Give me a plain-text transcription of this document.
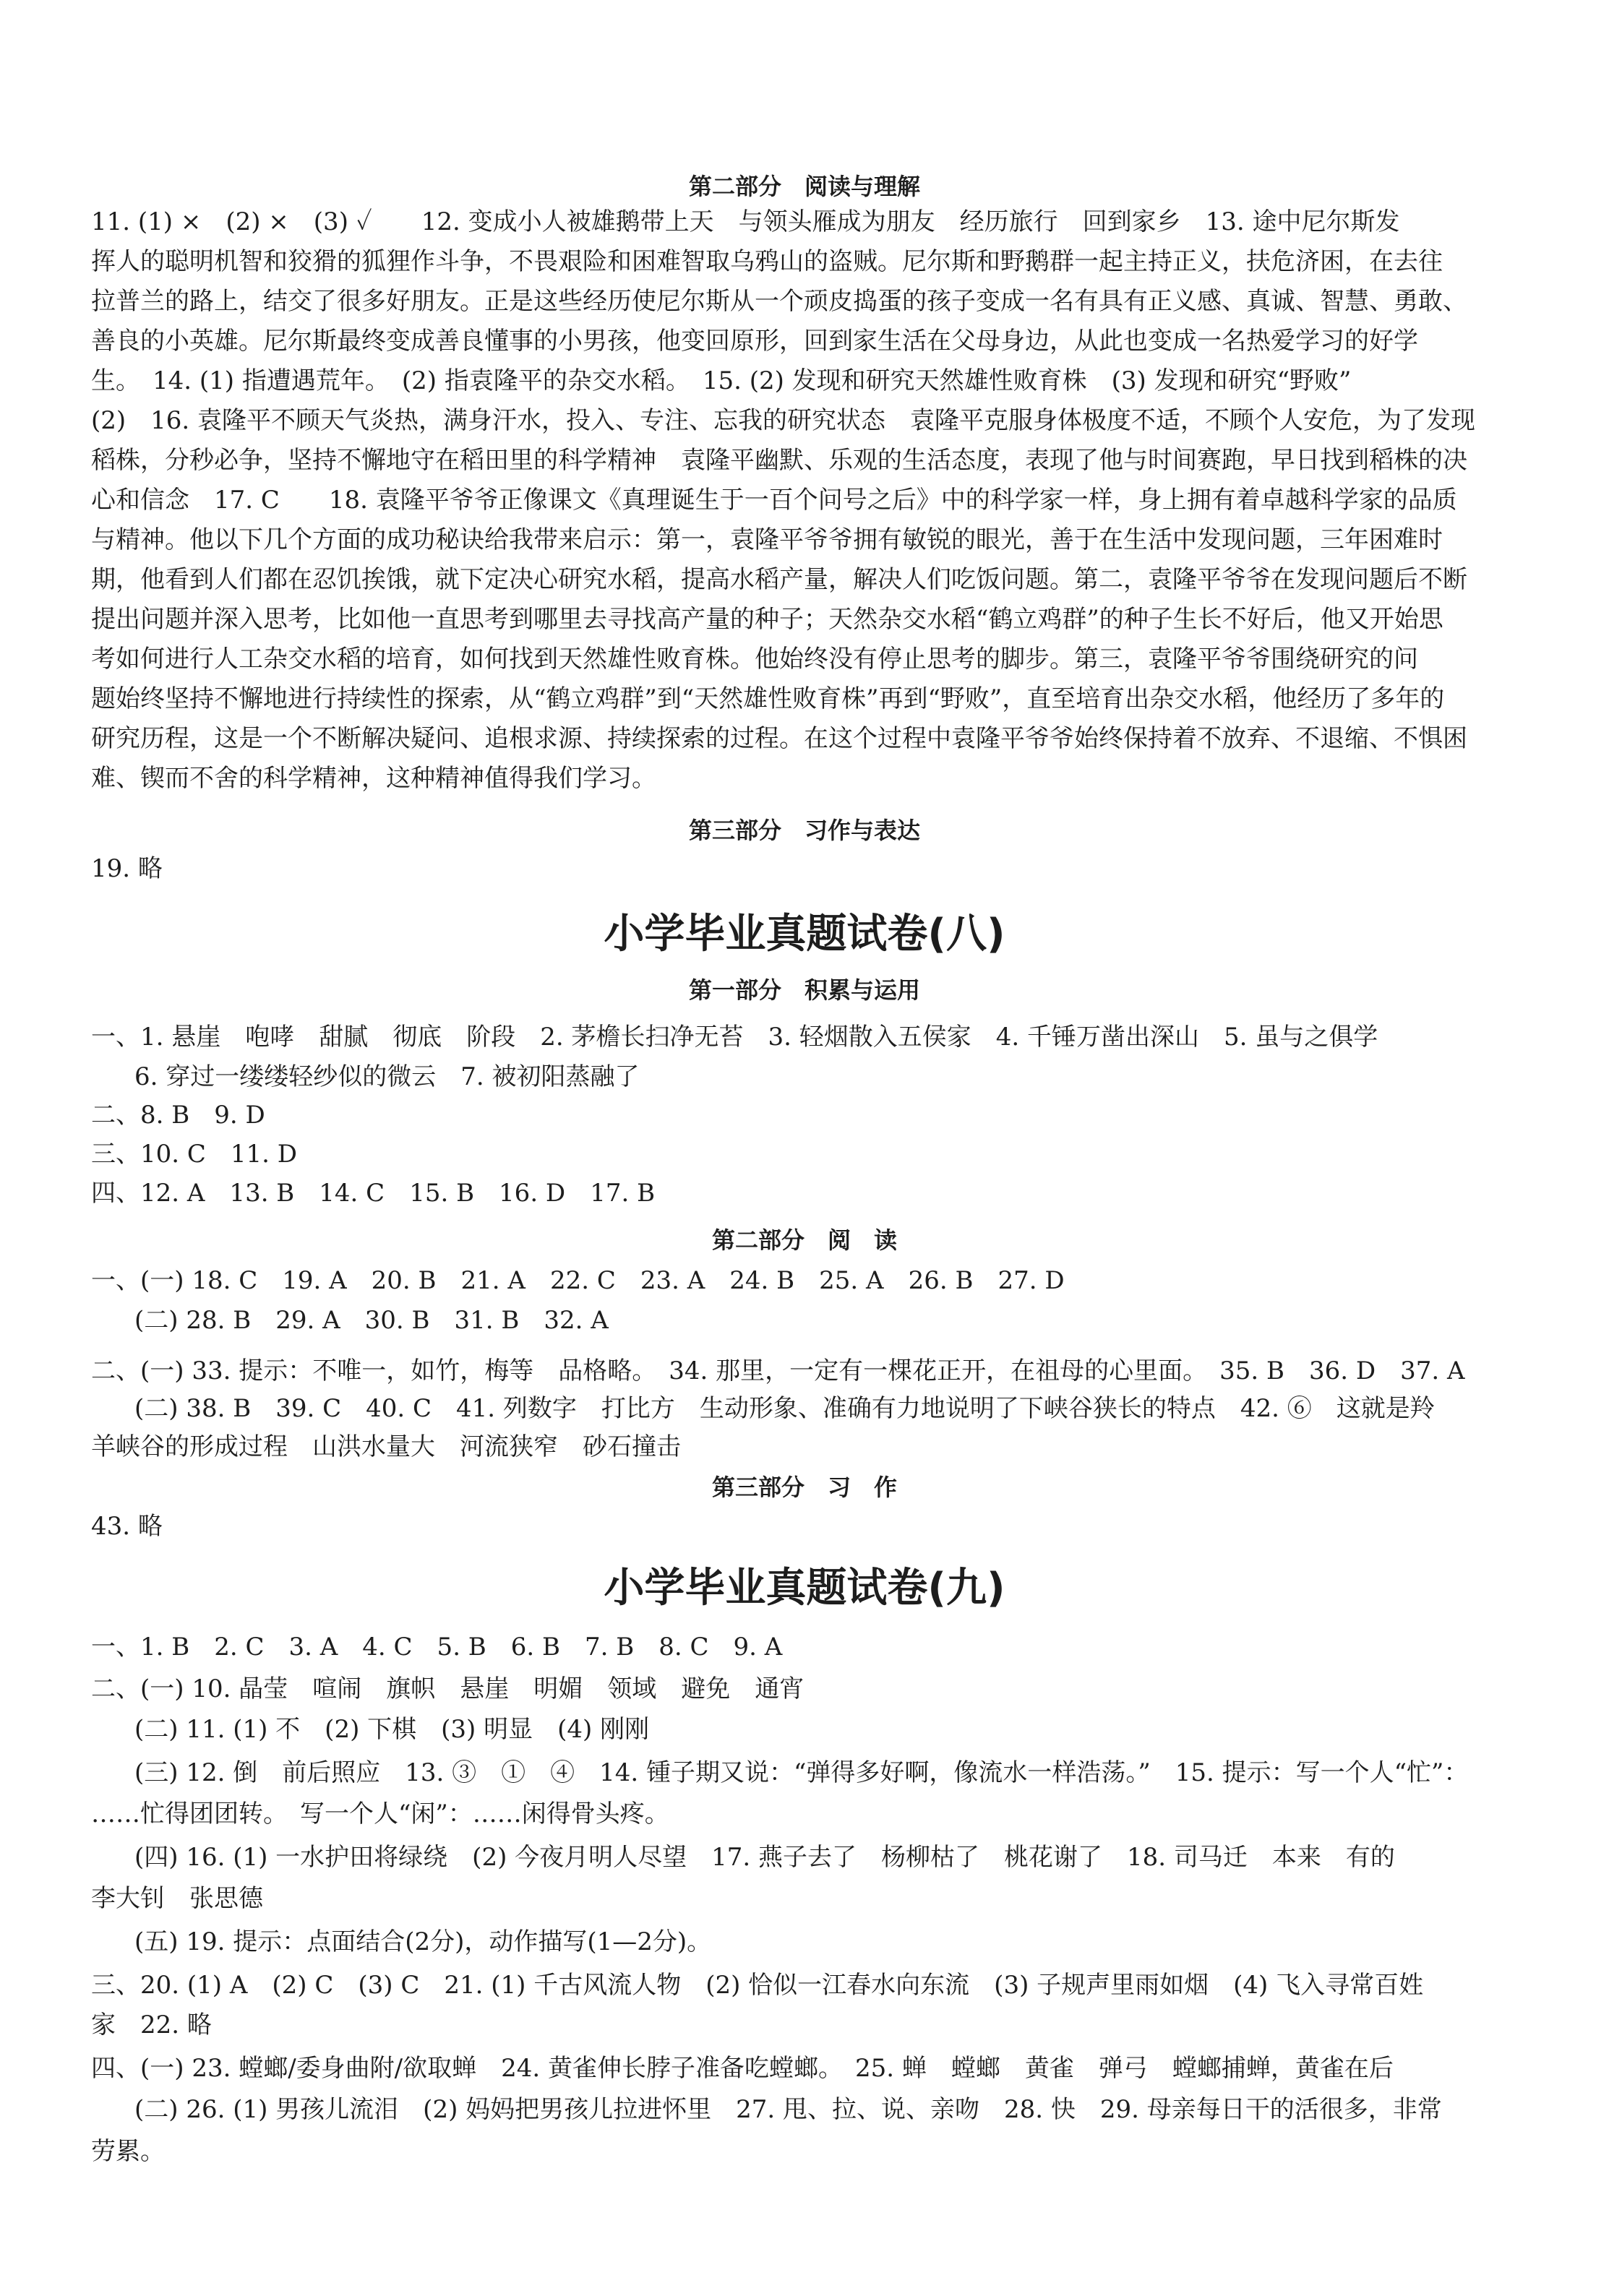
第二部分　阅读与理解
11. (1) ×　(2) ×　(3) ✓　　12. 变成小人被雄鹅带上天　与领头雁成为朋友　经历旅行　回到家乡　13. 途中尼尔斯发
挥人的聪明机智和狡猾的狐狸作斗争，不畏艰险和困难智取乌鸦山的盗贼。尼尔斯和野鹅群一起主持正义，扶危济困，在去往
拉普兰的路上，结交了很多好朋友。正是这些经历使尼尔斯从一个顽皮捣蛋的孩子变成一名有具有正义感、真诚、智慧、勇敢、
善良的小英雄。尼尔斯最终变成善良懂事的小男孩，他变回原形，回到家生活在父母身边，从此也变成一名热爱学习的好学
生。　14. (1) 指遭遇荒年。　(2) 指袁隆平的杂交水稻。　15. (2) 发现和研究天然雄性败育株　(3) 发现和研究“野败”
(2)　16. 袁隆平不顾天气炎热，满身汗水，投入、专注、忘我的研究状态　袁隆平克服身体极度不适，不顾个人安危，为了发现
稻株，分秒必争，坚持不懈地守在稻田里的科学精神　袁隆平幽默、乐观的生活态度，表现了他与时间赛跑，早日找到稻株的决
心和信念　17. C　　18. 袁隆平爷爷正像课文《真理诞生于一百个问号之后》中的科学家一样，身上拥有着卓越科学家的品质
与精神。他以下几个方面的成功秘诀给我带来启示：第一，袁隆平爷爷拥有敏锐的眼光，善于在生活中发现问题，三年困难时
期，他看到人们都在忍饥挨饿，就下定决心研究水稻，提高水稻产量，解决人们吃饭问题。第二，袁隆平爷爷在发现问题后不断
提出问题并深入思考，比如他一直思考到哪里去寻找高产量的种子；天然杂交水稻“鹤立鸡群”的种子生长不好后，他又开始思
考如何进行人工杂交水稻的培育，如何找到天然雄性败育株。他始终没有停止思考的脚步。第三，袁隆平爷爷围绕研究的问
题始终坚持不懈地进行持续性的探索，从“鹤立鸡群”到“天然雄性败育株”再到“野败”，直至培育出杂交水稻，他经历了多年的
研究历程，这是一个不断解决疑问、追根求源、持续探索的过程。在这个过程中袁隆平爷爷始终保持着不放弃、不退缩、不惧困
难、锲而不舍的科学精神，这种精神值得我们学习。
第三部分　习作与表达
19. 略
小学毕业真题试卷(八)
第一部分　积累与运用
一、1. 悬崖　咆哮　甜腻　彻底　阶段　2. 茅檐长扫净无苔　3. 轻烟散入五侯家　4. 千锤万凿出深山　5. 虽与之俱学
6. 穿过一缕缕轻纱似的微云　7. 被初阳蒸融了
二、8. B　9. D
三、10. C　11. D
四、12. A　13. B　14. C　15. B　16. D　17. B
第二部分　阅　读
一、(一) 18. C　19. A　20. B　21. A　22. C　23. A　24. B　25. A　26. B　27. D
(二) 28. B　29. A　30. B　31. B　32. A
二、(一) 33. 提示：不唯一，如竹，梅等　品格略。　34. 那里，一定有一棵花正开，在祖母的心里面。　35. B　36. D　37. A
(二) 38. B　39. C　40. C　41. 列数字　打比方　生动形象、准确有力地说明了下峡谷狭长的特点　42. ⑥　这就是羚
羊峡谷的形成过程　山洪水量大　河流狭窄　砂石撞击
第三部分　习　作
43. 略
小学毕业真题试卷(九)
一、1. B　2. C　3. A　4. C　5. B　6. B　7. B　8. C　9. A
二、(一) 10. 晶莹　喧闹　旗帜　悬崖　明媚　领域　避免　通宵
(二) 11. (1) 不　(2) 下棋　(3) 明显　(4) 刚刚
(三) 12. 倒　前后照应　13. ③　①　④　14. 锺子期又说：“弹得多好啊，像流水一样浩荡。”　15. 提示：写一个人“忙”：
……忙得团团转。　写一个人“闲”：……闲得骨头疼。
(四) 16. (1) 一水护田将绿绕　(2) 今夜月明人尽望　17. 燕子去了　杨柳枯了　桃花谢了　18. 司马迁　本来　有的
李大钊　张思德
(五) 19. 提示：点面结合(2分)，动作描写(1—2分)。
三、20. (1) A　(2) C　(3) C　21. (1) 千古风流人物　(2) 恰似一江春水向东流　(3) 子规声里雨如烟　(4) 飞入寻常百姓
家　22. 略
四、(一) 23. 螳螂/委身曲附/欲取蝉　24. 黄雀伸长脖子准备吃螳螂。　25. 蝉　螳螂　黄雀　弹弓　螳螂捕蝉，黄雀在后
(二) 26. (1) 男孩儿流泪　(2) 妈妈把男孩儿拉进怀里　27. 甩、拉、说、亲吻　28. 快　29. 母亲每日干的活很多，非常
劳累。
